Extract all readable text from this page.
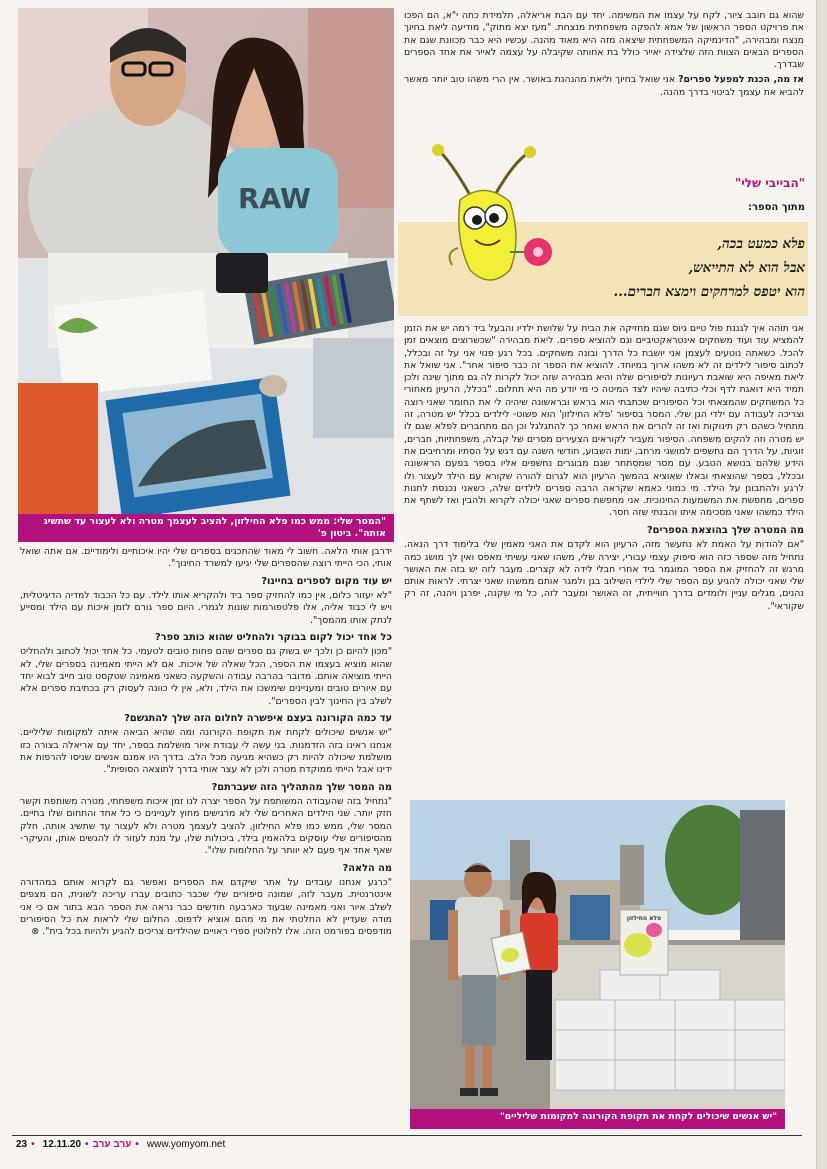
RAW
"המסר שלי: ממש כמו פלא החילזון, להציב לעצמך מטרה ולא לעצור עד שתשיג אותה". ביטון פ'

שהוא גם חובב ציור, לקח על עצמו את המשימה. יחד עם הבת אריאלה, תלמידת כתה י"א, הם הפכו את פרויקט הספר הראשון של אמא להפקה משפחתית מנצחת. "מעז יצא מתוק", מודיעה ליאת בחיוך מנצח ומבהירה, "הדינמיקה המשפחתית שיצאה מזה היא מאוד מהנה. עכשיו היא כבר מכוונת שגם את הספרים הבאים הצוות הזה שלצידה יאייר כולל בת אחותה שקיבלה על עצמה לאייר את אחד הספרים שבדרך.

אז מה, הכנת למפעל ספרים? אני שואל בחיוך וליאת מהנהנת באושר. אין הרי משהו טוב יותר מאשר להביא את עצמך לביטוי בדרך מהנה.

"הבייבי שלי"
מתוך הספר:
פלא כמעט בכה,
אבל הוא לא התייאש,
הוא יטפס למרחקים וימצא חברים...

אני תוהה איך לגננת פול טיים גיוס שגם מחזיקה את הבית על שלושת ילדיו והבעל ביד רמה יש את הזמן להמציא עוד ועוד משחקים אינטראקטיביים וגם להוציא ספרים. ליאת מבהירה "שכשרוצים מוצאים זמן להכל. כשאתה נוטעים לעצמן אני יושבת כל הדרך ובונה משחקים. בכל רגע פנוי אני על זה ובכלל, לכתוב סיפור לילדים זה לא משהו ארוך במיוחד. להוציא את הספר זה כבר סיפור אחר". אני שואל את ליאת מאיפה היא שואבת רעיונות לסיפורים שלה והיא מבהירה שזה יכול לקרות לה גם מתוך שינה ולכן תמיד היא דואגת לדף וכלי כתיבה שיהיו לצד המיטה כי מי יודע מה היא תחלום. "בכלל, הרעיון מאחורי כל המשחקים שהמצאתי וכל הסיפורים שכתבתי הוא בראש ובראשונה שיהיה לי את החומר שאני רוצה וצריכה לעבודה עם ילדי הגן שלי. המסר בסיפור 'פלא החילזון' הוא פשוט- לילדים בכלל יש מטרה, זה מתחיל כשהם רק תינוקות ואז זה להרים את הראש ואחר כך להתגלגל וכן הם מתחברים לפלא שגם לו יש מטרה וזה להקים משפחה. הסיפור מעביר לקוראים הצעירים מסרים של קבלה, משפחתיות, חברים, זוגיות, על הדרך הם נחשפים למושגי מרחב, ימות השבוע, חודשי השנה עם דגש על הסתיו ומרחיבים את הידע שלהם בנושא הטבע. עם מסר שמסתתר שגם מבוגרים נחשפים אליו בספר בפעם הראשונה ובכלל, בספר שהוצאתי ובאלו שאוציא בהמשך הרעיון הוא לגרום להורה שקורא עם הילד לעצור ולו לרגע ולהתבונן על הילד. מי כמוני כאמא שקראה הרבה ספרים לילדים שלה, כשאני נכנסת לחנות ספרים, מחפשת את המשמעות החינוכית. אני מחפשת ספרים שאני יכולה לקרוא ולהבין ואז לשתף את הילד כמשהו שאני מסכימה איתו והבנתי שזה חסר.

מה המטרה שלך בהוצאת הספרים?

"אם להודות על האמת לא נתעשר מזה, הרעיון הוא לקדם את האני מאמין שלי בלימוד דרך הנאה. נתחיל מזה שספר כזה הוא סיפוק עצמי עבורי, יצירה שלי, משהו שאני עשיתי מאפס ואין לך מושג כמה מרגש זה להחזיק את הספר המוגמר ביד אחרי חבלי לידה לא קצרים. מעבר לזה יש בזה את האושר שלי שאני יכולה להגיע עם הספר שלי לילדי השילוב בגן ולמגר אותם ממשהו שאני יצרתי. לראות אותם נהנים, מגלים עניין ולומדים בדרך חווייתית, זה האושר ומעבר לזה, כל מי שקנה, יפרגן ויהנה, זה רק שקוראי".

פלא החילזון
"יש אנשים שיכולים לקחת את תקופת הקורונה למקומות שליליים"

ידרבן אותי הלאה. חשוב לי מאוד שהתכנים בספרים שלי יהיו איכותיים ולימודיים. אם אתה שואל אותי, הכי הייתי רוצה שהספרים שלי יגיעו למשרד החינוך".

יש עוד מקום לספרים בחיינו?

"לא יעזור כלום, אין כמו להחזיק ספר ביד ולהקריא אותו לילד. עם כל הכבוד למדיה הדיגיטלית, ויש לי כבוד אליה, אלו פלטפורמות שונות לגמרי. היום ספר גורם לזמן איכות עם הילד ומסייע לנתק אותו מהמסך".

כל אחד יכול לקום בבוקר ולהחליט שהוא כותב ספר?

"מכון להיום כן ולכך יש בשוק גם ספרים שהם פחות טובים לטעמי. כל אחד יכול לכתוב ולהחליט שהוא מוציא בעצמו את הספר, הכל שאלה של איכות. אם לא הייתי מאמינה בספרים שלי, לא הייתי מוציאה אותם. מדובר בהרבה עבודה והשקעה כשאני מאמינה שטקסט טוב חייב לבוא יחד עם איורים טובים ומעניינים שימשכו את הילד, ולא, אין לי כוונה לעסוק רק בכתיבת ספרים אלא לשלב בין החינוך לבין הספרים".

עד כמה הקורונה בעצם איפשרה לחלום הזה שלך להתגשם?

"יש אנשים שיכולים לקחת את תקופת הקורונה ומה שהיא הביאה איתה למקומות שליליים. אנחנו ראינו בזה הזדמנות. בני עשה לי עבודת איור מושלמת בספר, יחד עם אריאלה בצורה כזו מושלמת שיכולה להיות רק כשהיא מגיעה מכל הלב. בדרך היו אמנם אנשים שניסו להרפות את ידינו אבל הייתי ממוקדת מטרה ולכן לא עצר אותי בדרך לתוצאה הסופית".

מה המסר שלך מהתהליך הזה שעברתם?

"נתחיל בזה שהעבודה המשותפת על הספר יצרה לנו זמן איכות משפחתי, מטרה משותפת וקשר חזק יותר. שני הילדים האחרים שלי לא מרגישים מחוץ לעניינים כי כל אחד והתחום שלו בחיים. המסר שלי, ממש כמו פלא החילזון, להציב לעצמך מטרה ולא לעצור עד שתשיג אותה. חלק מהסיפורים שלי עוסקים בלהאמין בילד, ביכולות שלו, על מנת לעזור לו להגשים אותן, והעיקר- שאף אחד אף פעם לא יוותר על החלומות שלו".

מה הלאה?

"כרגע אנחנו עובדים על אתר שיקדם את הספרים ואפשר גם לקרוא אותם במהדורה אינטרנטית. מעבר לזה, שמונה סיפורים שלי שכבר כתובים עברו עריכה לשונית, הם מצפים לשלב איור ואני מאמינה שבעוד כארבעה חודשים כבר נראה את הספר הבא בתור אם כי אני מודה שעדיין לא החלטתי את מי מהם אוציא לדפוס. החלום שלי לראות את כל הסיפורים מודפסים בפורמט הזה. אלו לחלוטין ספרי ראויים שהילדים צריכים להגיע ולהיות בכל בית". ⊗

23 • 12.11.20 • ערב ערב • www.yomyom.net
